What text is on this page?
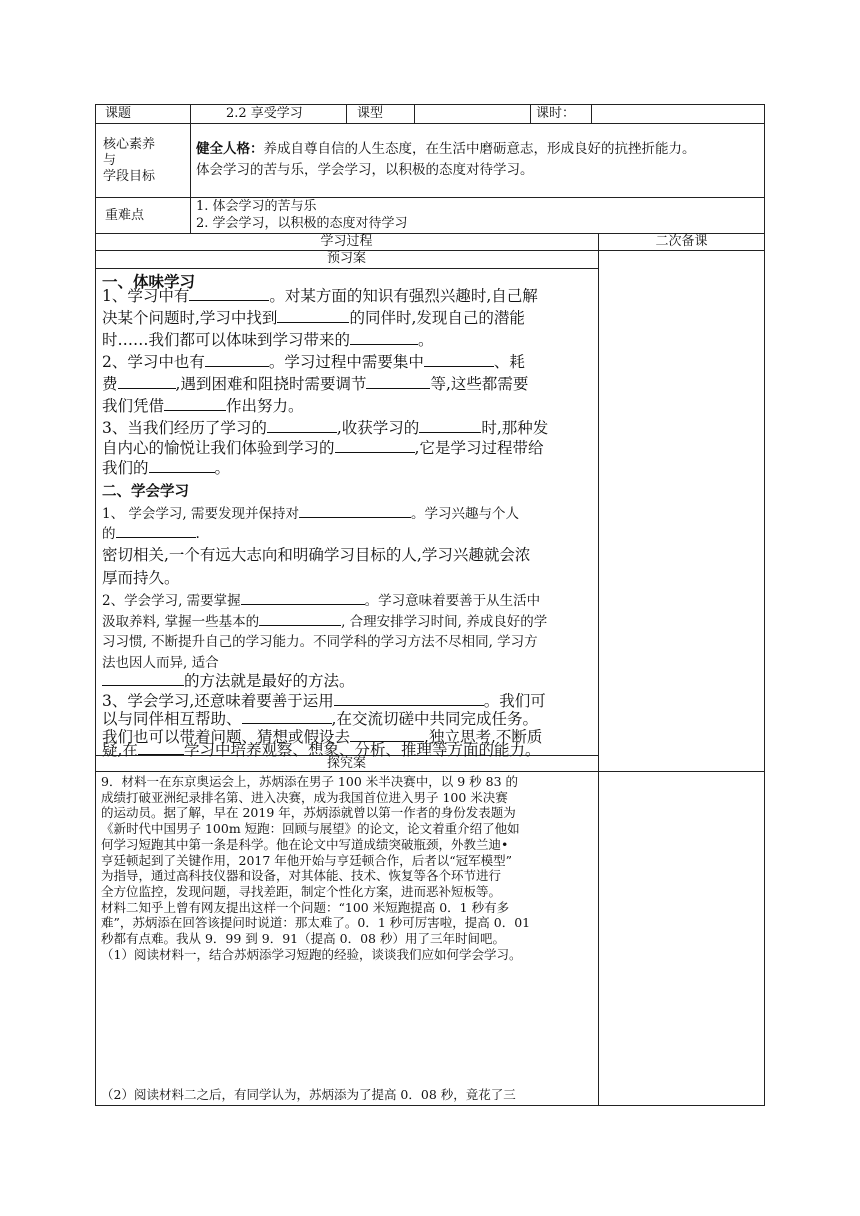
课题	2.2 享受学习	课型	课时：
核心素养
与
学段目标
健全人格：养成自尊自信的人生态度，在生活中磨砺意志，形成良好的抗挫折能力。
体会学习的苦与乐，学会学习，以积极的态度对待学习。
重难点
1. 体会学习的苦与乐
2. 学会学习，以积极的态度对待学习
学习过程	二次备课
预习案
一、体味学习
1、学习中有	。对某方面的知识有强烈兴趣时,自己解
决某个问题时,学习中找到	的同伴时,发现自己的潜能
时……我们都可以体味到学习带来的	。
2、学习中也有	。学习过程中需要集中	、耗
费	,遇到困难和阻挠时需要调节	等,这些都需要
我们凭借	作出努力。
3、当我们经历了学习的	,收获学习的	时,那种发
自内心的愉悦让我们体验到学习的	,它是学习过程带给
我们的	。
二、学会学习
1、 学会学习, 需要发现并保持对	。学习兴趣与个人
的	.
密切相关,一个有远大志向和明确学习目标的人,学习兴趣就会浓
厚而持久。
2、学会学习, 需要掌握	。学习意味着要善于从生活中
汲取养料, 掌握一些基本的	, 合理安排学习时间, 养成良好的学
习习惯, 不断提升自己的学习能力。不同学科的学习方法不尽相同, 学习方
法也因人而异, 适合
的方法就是最好的方法。
3、学会学习,还意味着要善于运用	。我们可
以与同伴相互帮助、	,在交流切磋中共同完成任务。
探究案
9．材料一在东京奥运会上，苏炳添在男子 100 米半决赛中，以 9 秒 83 的
成绩打破亚洲纪录排名第、进入决赛，成为我国首位进入男子 100 米决赛
的运动员。据了解，早在 2019 年，苏炳添就曾以第一作者的身份发表题为
《新时代中国男子 100m 短跑：回顾与展望》的论文，论文着重介绍了他如
何学习短跑其中第一条是科学。他在论文中写道成绩突破瓶颈，外教兰迪•
亨廷顿起到了关键作用，2017 年他开始与亨廷顿合作，后者以“冠军模型”
为指导，通过高科技仪器和设备，对其体能、技术、恢复等各个环节进行
全方位监控，发现问题，寻找差距，制定个性化方案，进而恶补短板等。
材料二知乎上曾有网友提出这样一个问题：“100 米短跑提高 0．1 秒有多
难”，苏炳添在回答该提问时说道：那太难了。0．1 秒可厉害啦，提高 0．01
秒都有点难。我从 9．99 到 9．91（提高 0．08 秒）用了三年时间吧。
（1）阅读材料一，结合苏炳添学习短跑的经验，谈谈我们应如何学会学习。
（2）阅读材料二之后，有同学认为，苏炳添为了提高 0．08 秒，竟花了三
我们也可以带着问题、猜想或假设去	,独立思考,不断质
疑,在	学习中培养观察、想象、分析、推理等方面的能力。
